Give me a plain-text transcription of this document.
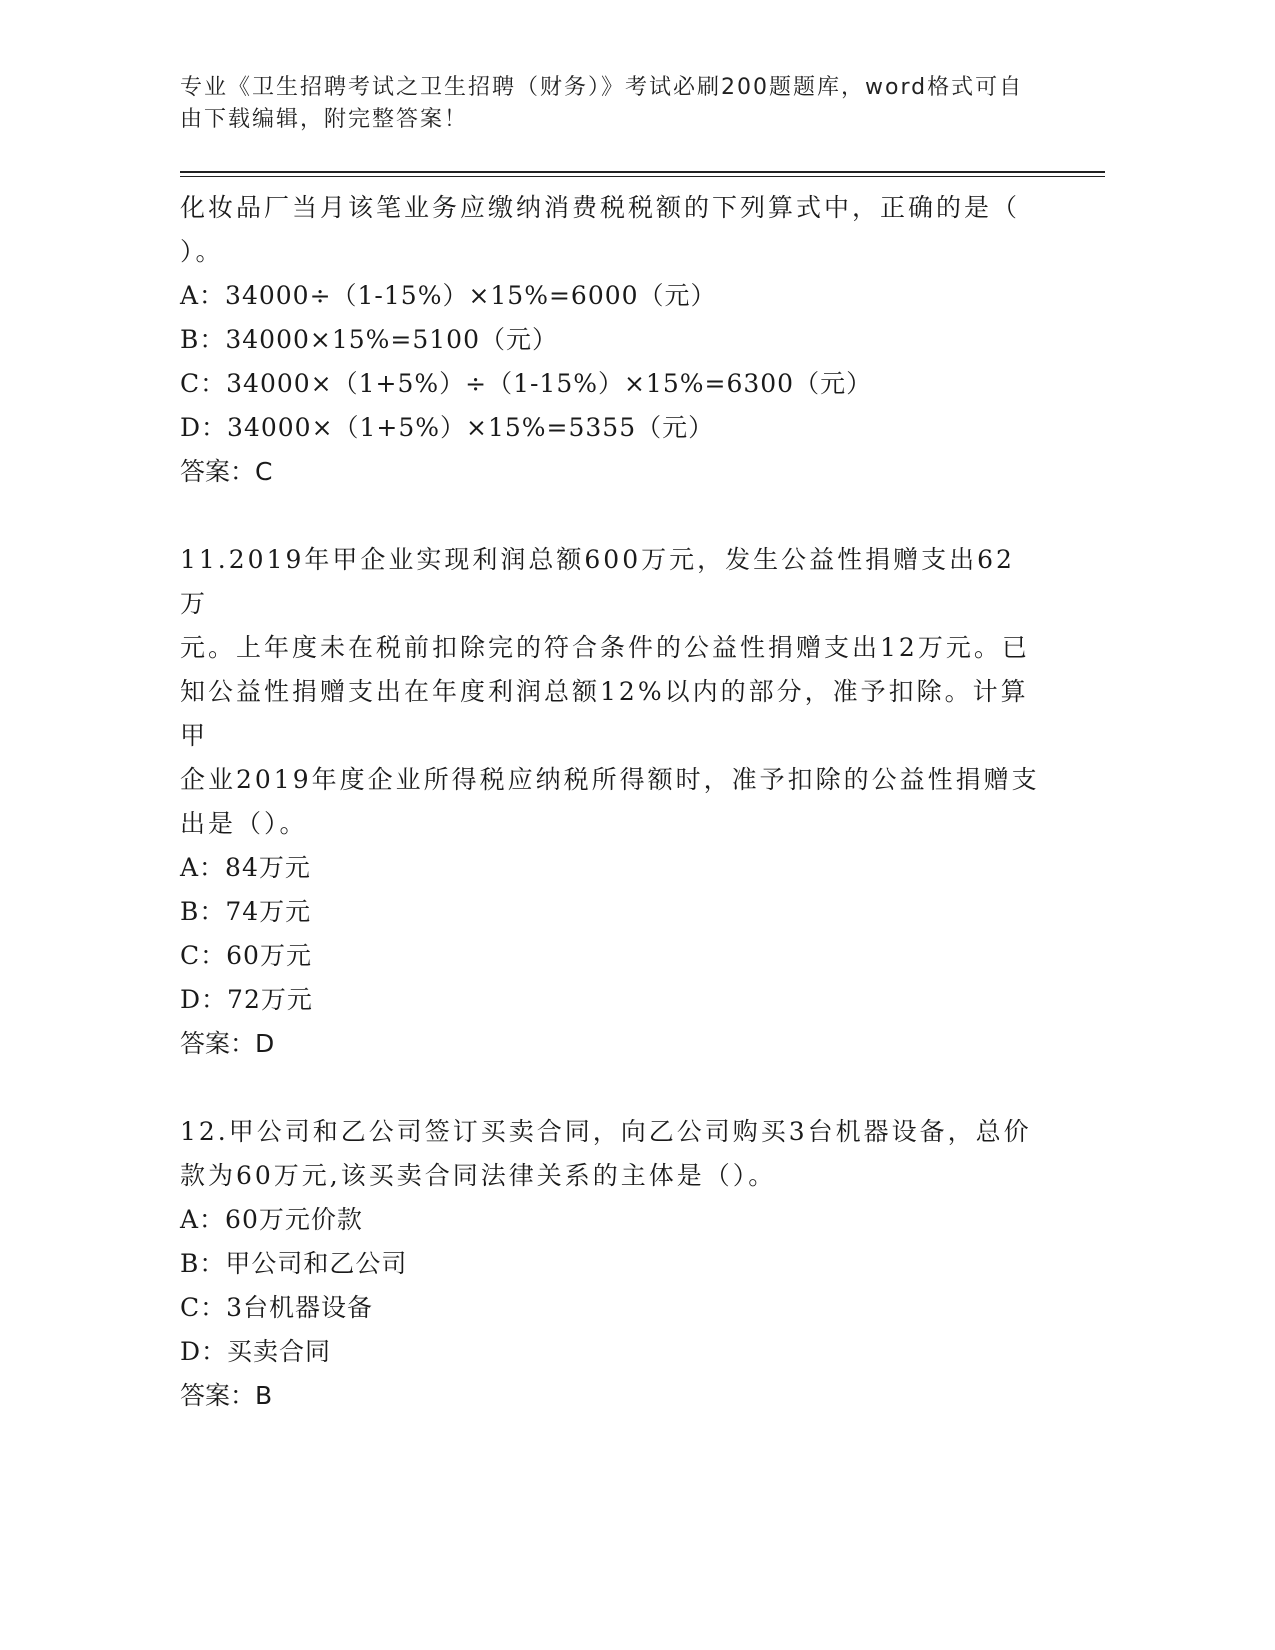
专业《卫生招聘考试之卫生招聘（财务）》考试必刷200题题库，word格式可自
由下载编辑，附完整答案！

化妆品厂当月该笔业务应缴纳消费税税额的下列算式中，正确的是（

）。

A：34000÷（1-15%）×15%=6000（元）

B：34000×15%=5100（元）

C：34000×（1+5%）÷（1-15%）×15%=6300（元）

D：34000×（1+5%）×15%=5355（元）

答案：C

11.2019年甲企业实现利润总额600万元，发生公益性捐赠支出62万

元。上年度未在税前扣除完的符合条件的公益性捐赠支出12万元。已

知公益性捐赠支出在年度利润总额12%以内的部分，准予扣除。计算甲

企业2019年度企业所得税应纳税所得额时，准予扣除的公益性捐赠支

出是（）。

A：84万元

B：74万元

C：60万元

D：72万元

答案：D

12.甲公司和乙公司签订买卖合同，向乙公司购买3台机器设备，总价

款为60万元,该买卖合同法律关系的主体是（）。

A：60万元价款

B：甲公司和乙公司

C：3台机器设备

D：买卖合同

答案：B
